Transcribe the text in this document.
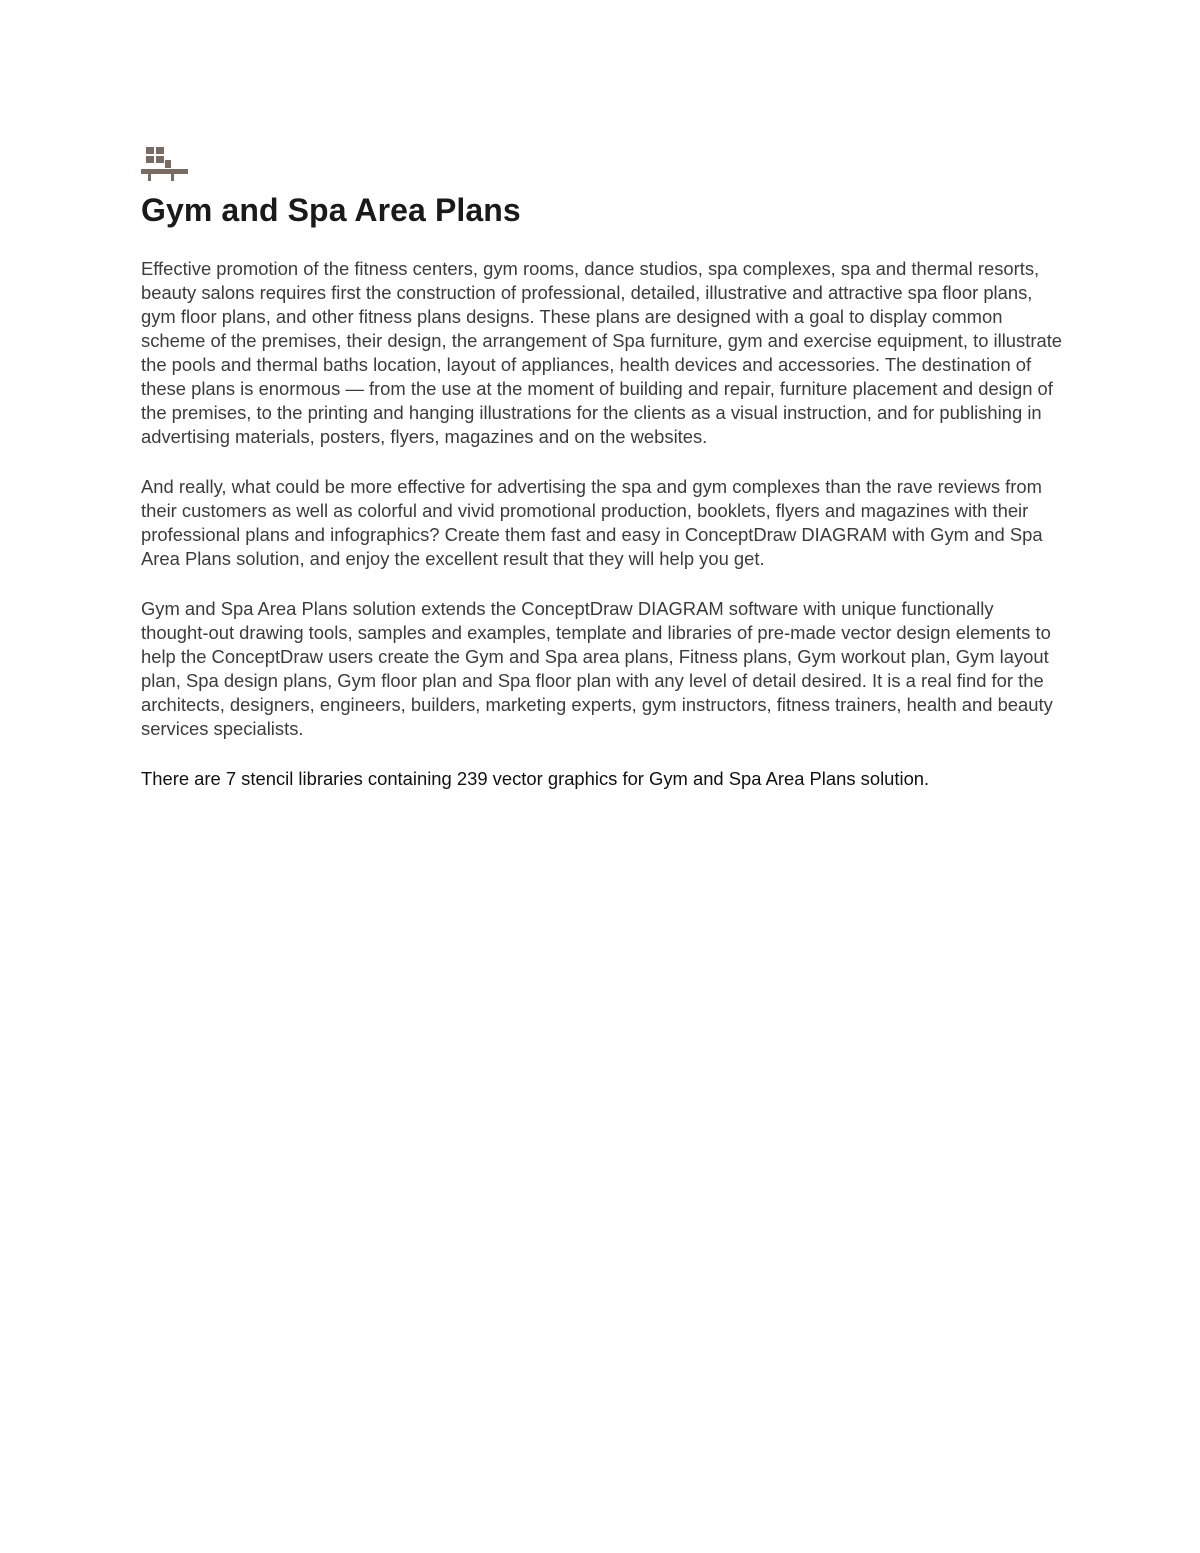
Gym and Spa Area Plans

Effective promotion of the fitness centers, gym rooms, dance studios, spa complexes, spa and thermal resorts, beauty salons requires first the construction of professional, detailed, illustrative and attractive spa floor plans, gym floor plans, and other fitness plans designs. These plans are designed with a goal to display common scheme of the premises, their design, the arrangement of Spa furniture, gym and exercise equipment, to illustrate the pools and thermal baths location, layout of appliances, health devices and accessories. The destination of these plans is enormous — from the use at the moment of building and repair, furniture placement and design of the premises, to the printing and hanging illustrations for the clients as a visual instruction, and for publishing in advertising materials, posters, flyers, magazines and on the websites.

And really, what could be more effective for advertising the spa and gym complexes than the rave reviews from their customers as well as colorful and vivid promotional production, booklets, flyers and magazines with their professional plans and infographics? Create them fast and easy in ConceptDraw DIAGRAM with Gym and Spa Area Plans solution, and enjoy the excellent result that they will help you get.

Gym and Spa Area Plans solution extends the ConceptDraw DIAGRAM software with unique functionally thought-out drawing tools, samples and examples, template and libraries of pre-made vector design elements to help the ConceptDraw users create the Gym and Spa area plans, Fitness plans, Gym workout plan, Gym layout plan, Spa design plans, Gym floor plan and Spa floor plan with any level of detail desired. It is a real find for the architects, designers, engineers, builders, marketing experts, gym instructors, fitness trainers, health and beauty services specialists.

There are 7 stencil libraries containing 239 vector graphics for Gym and Spa Area Plans solution.
